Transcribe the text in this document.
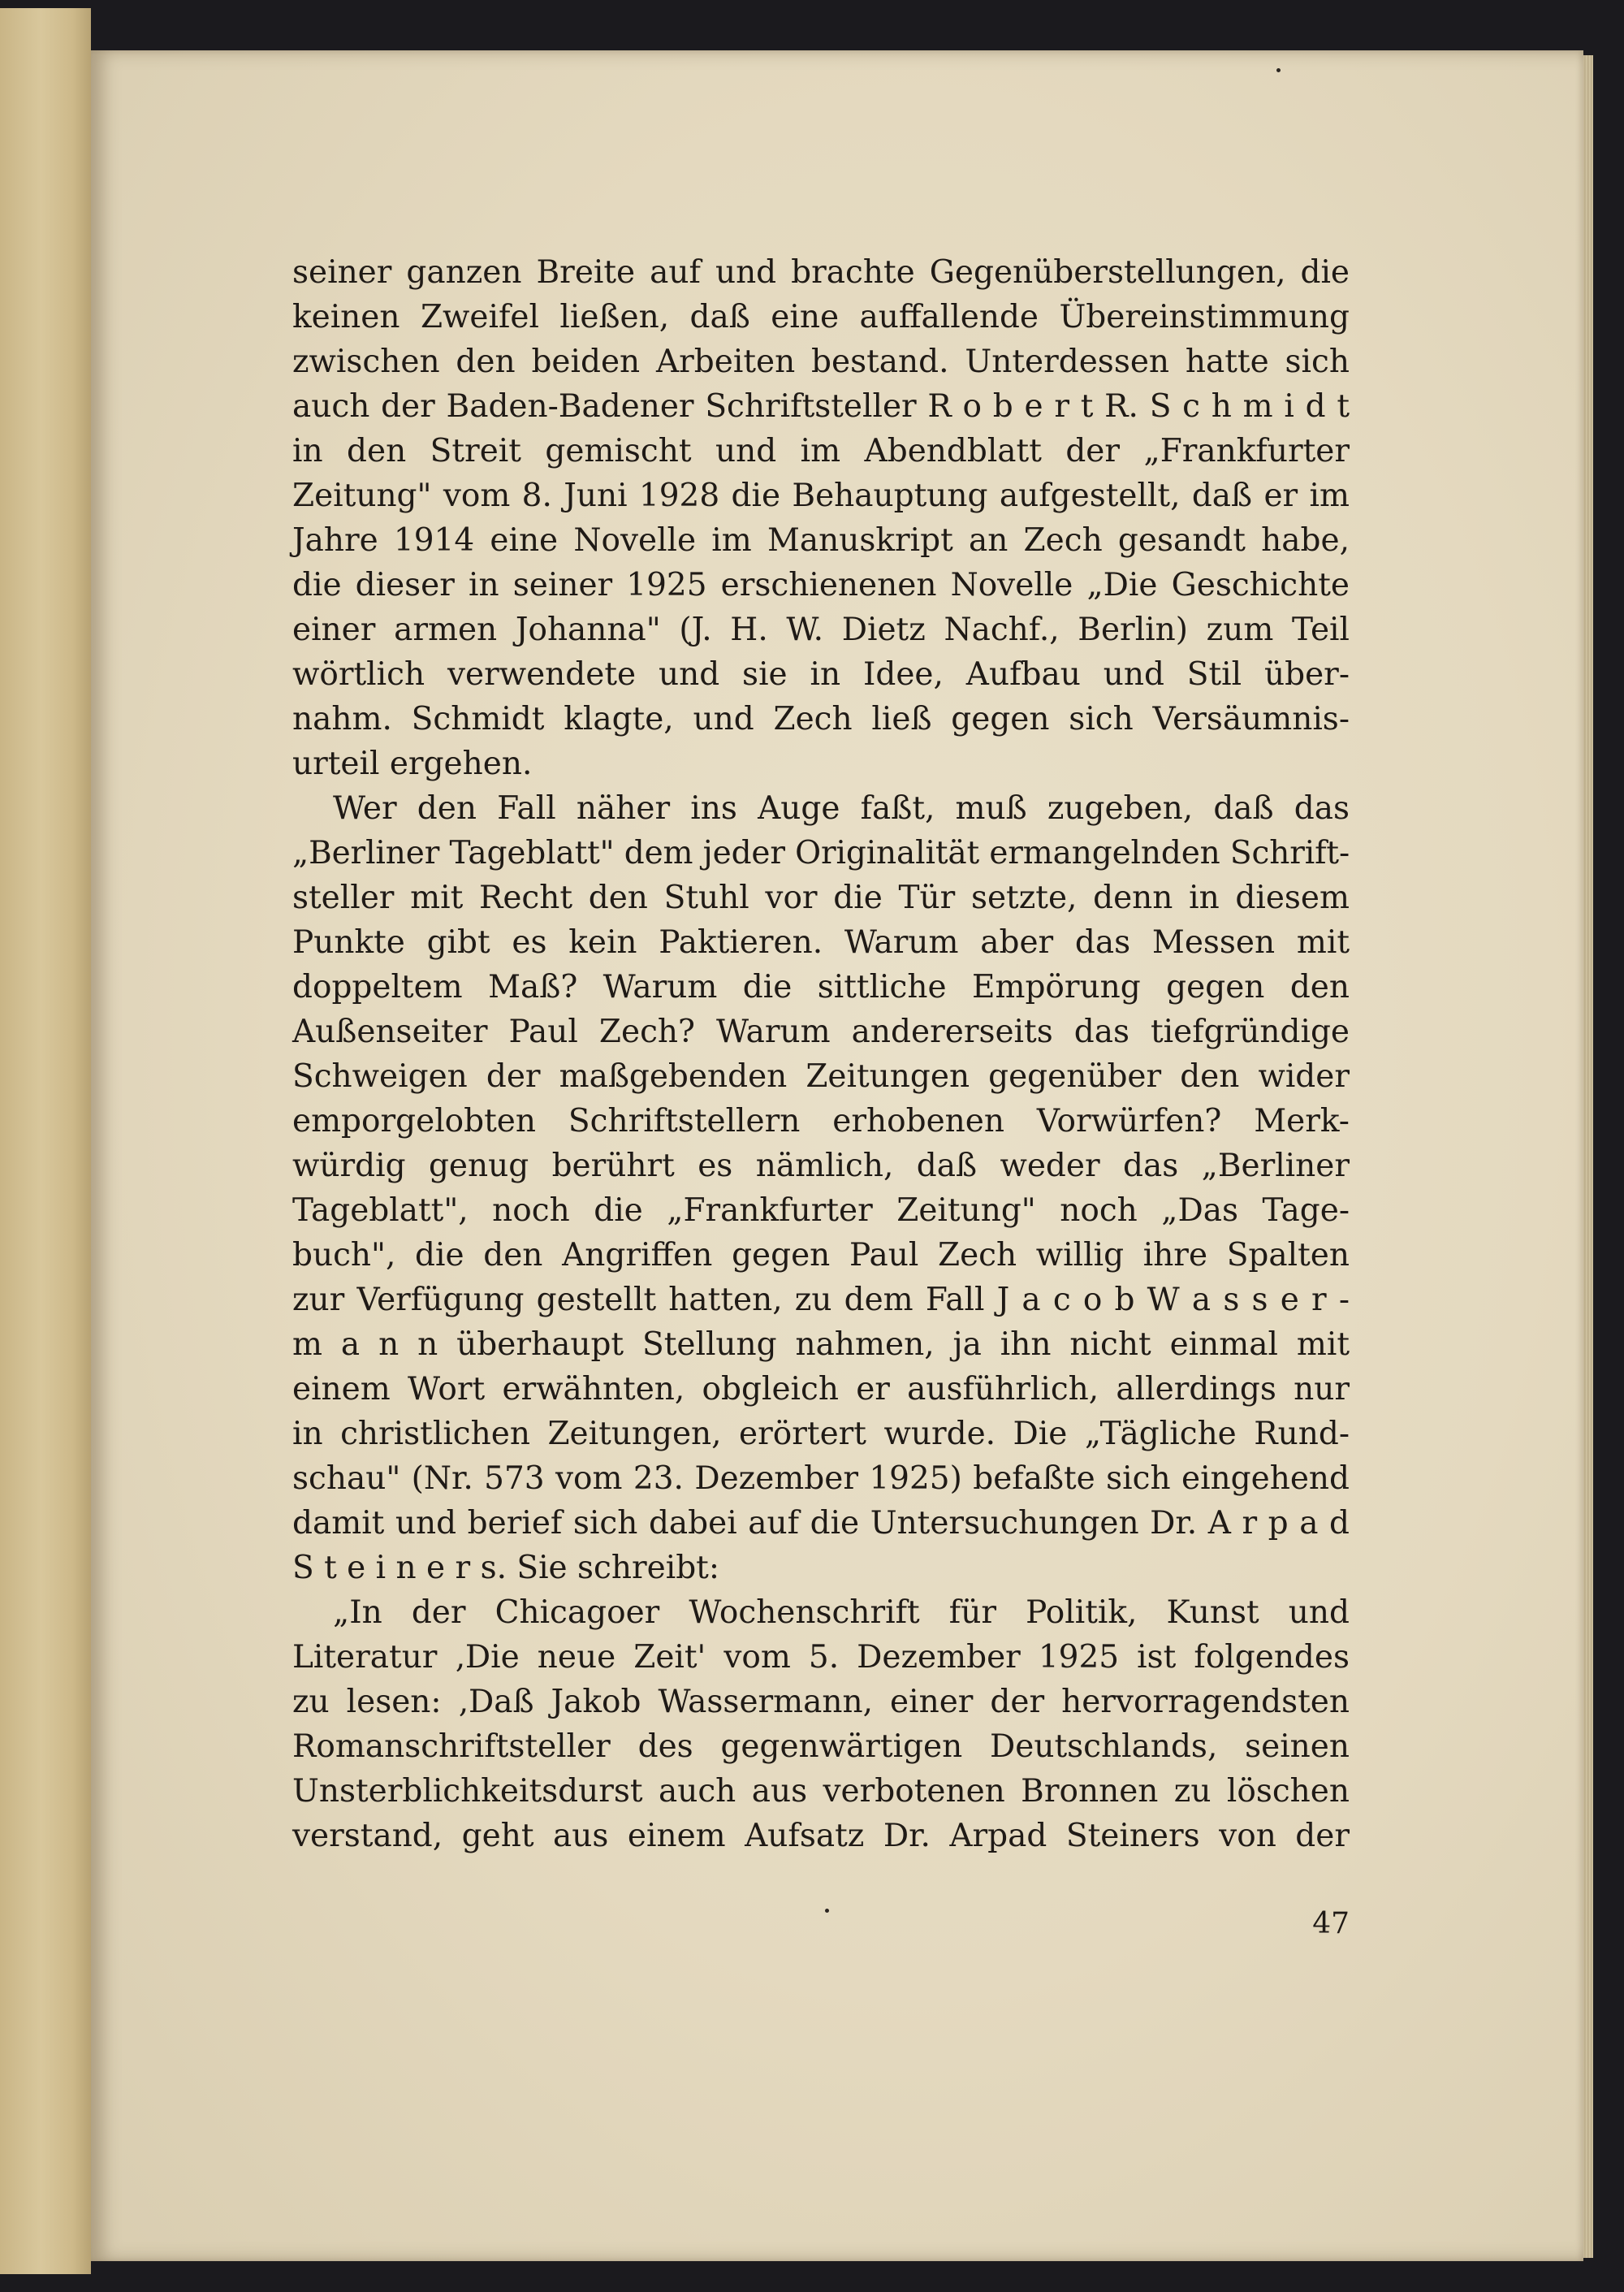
seiner ganzen Breite auf und brachte Gegenüberstellungen, die
keinen Zweifel ließen, daß eine auffallende Übereinstimmung
zwischen den beiden Arbeiten bestand. Unterdessen hatte sich
auch der Baden-Badener Schriftsteller R o b e r t R. S c h m i d t
in den Streit gemischt und im Abendblatt der „Frankfurter
Zeitung" vom 8. Juni 1928 die Behauptung aufgestellt, daß er im
Jahre 1914 eine Novelle im Manuskript an Zech gesandt habe,
die dieser in seiner 1925 erschienenen Novelle „Die Geschichte
einer armen Johanna" (J. H. W. Dietz Nachf., Berlin) zum Teil
wörtlich verwendete und sie in Idee, Aufbau und Stil über-
nahm. Schmidt klagte, und Zech ließ gegen sich Versäumnis-
urteil ergehen.
Wer den Fall näher ins Auge faßt, muß zugeben, daß das
„Berliner Tageblatt" dem jeder Originalität ermangelnden Schrift-
steller mit Recht den Stuhl vor die Tür setzte, denn in diesem
Punkte gibt es kein Paktieren. Warum aber das Messen mit
doppeltem Maß? Warum die sittliche Empörung gegen den
Außenseiter Paul Zech? Warum andererseits das tiefgründige
Schweigen der maßgebenden Zeitungen gegenüber den wider
emporgelobten Schriftstellern erhobenen Vorwürfen? Merk-
würdig genug berührt es nämlich, daß weder das „Berliner
Tageblatt", noch die „Frankfurter Zeitung" noch „Das Tage-
buch", die den Angriffen gegen Paul Zech willig ihre Spalten
zur Verfügung gestellt hatten, zu dem Fall J a c o b W a s s e r -
m a n n überhaupt Stellung nahmen, ja ihn nicht einmal mit
einem Wort erwähnten, obgleich er ausführlich, allerdings nur
in christlichen Zeitungen, erörtert wurde. Die „Tägliche Rund-
schau" (Nr. 573 vom 23. Dezember 1925) befaßte sich eingehend
damit und berief sich dabei auf die Untersuchungen Dr. A r p a d
S t e i n e r s. Sie schreibt:
„In der Chicagoer Wochenschrift für Politik, Kunst und
Literatur ‚Die neue Zeit' vom 5. Dezember 1925 ist folgendes
zu lesen: ‚Daß Jakob Wassermann, einer der hervorragendsten
Romanschriftsteller des gegenwärtigen Deutschlands, seinen
Unsterblichkeitsdurst auch aus verbotenen Bronnen zu löschen
verstand, geht aus einem Aufsatz Dr. Arpad Steiners von der
47
